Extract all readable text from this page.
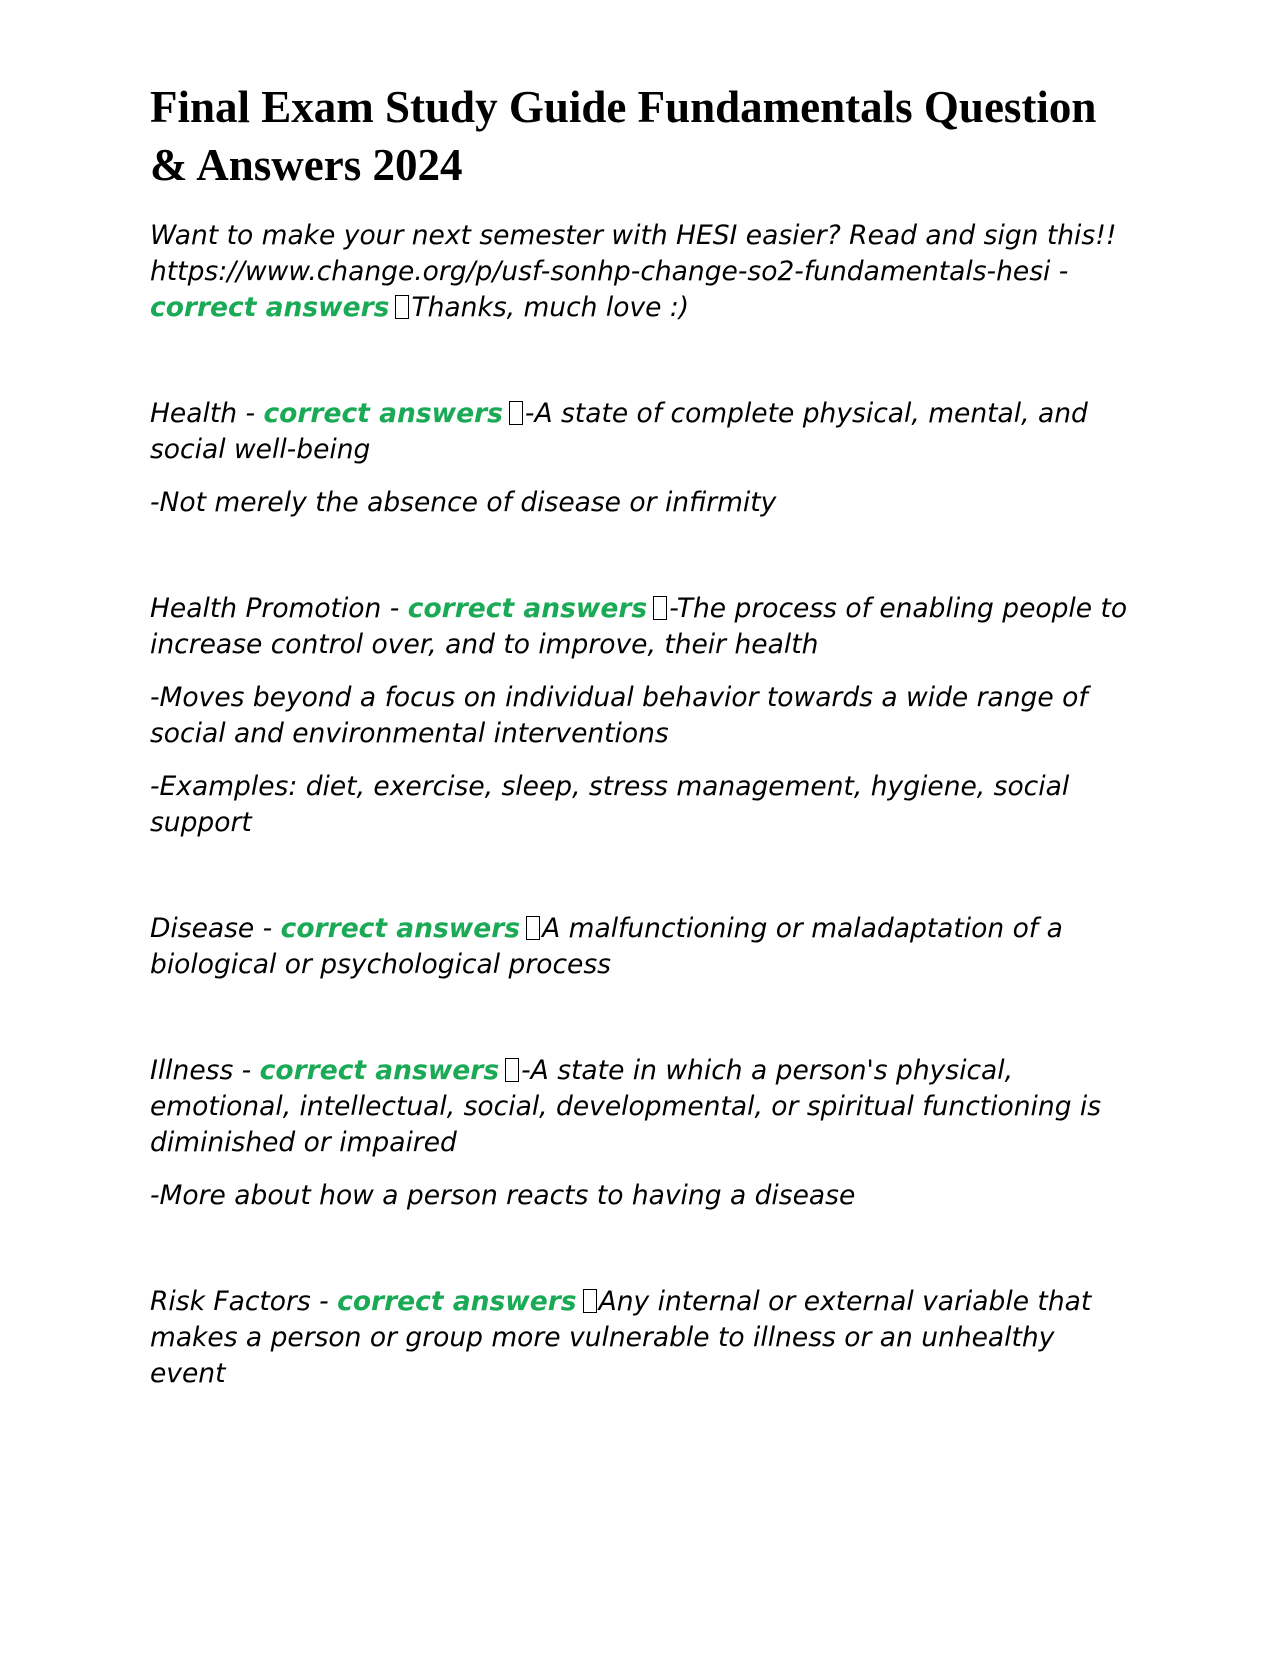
Final Exam Study Guide Fundamentals Question & Answers 2024

Want to make your next semester with HESI easier? Read and sign this!! https://www.change.org/p/usf-sonhp-change-so2-fundamentals-hesi - correct answers Thanks, much love :)

Health - correct answers -A state of complete physical, mental, and social well-being

-Not merely the absence of disease or infirmity

Health Promotion - correct answers -The process of enabling people to increase control over, and to improve, their health

-Moves beyond a focus on individual behavior towards a wide range of social and environmental interventions

-Examples: diet, exercise, sleep, stress management, hygiene, social support

Disease - correct answers A malfunctioning or maladaptation of a biological or psychological process

Illness - correct answers -A state in which a person's physical, emotional, intellectual, social, developmental, or spiritual functioning is diminished or impaired

-More about how a person reacts to having a disease

Risk Factors - correct answers Any internal or external variable that makes a person or group more vulnerable to illness or an unhealthy event
